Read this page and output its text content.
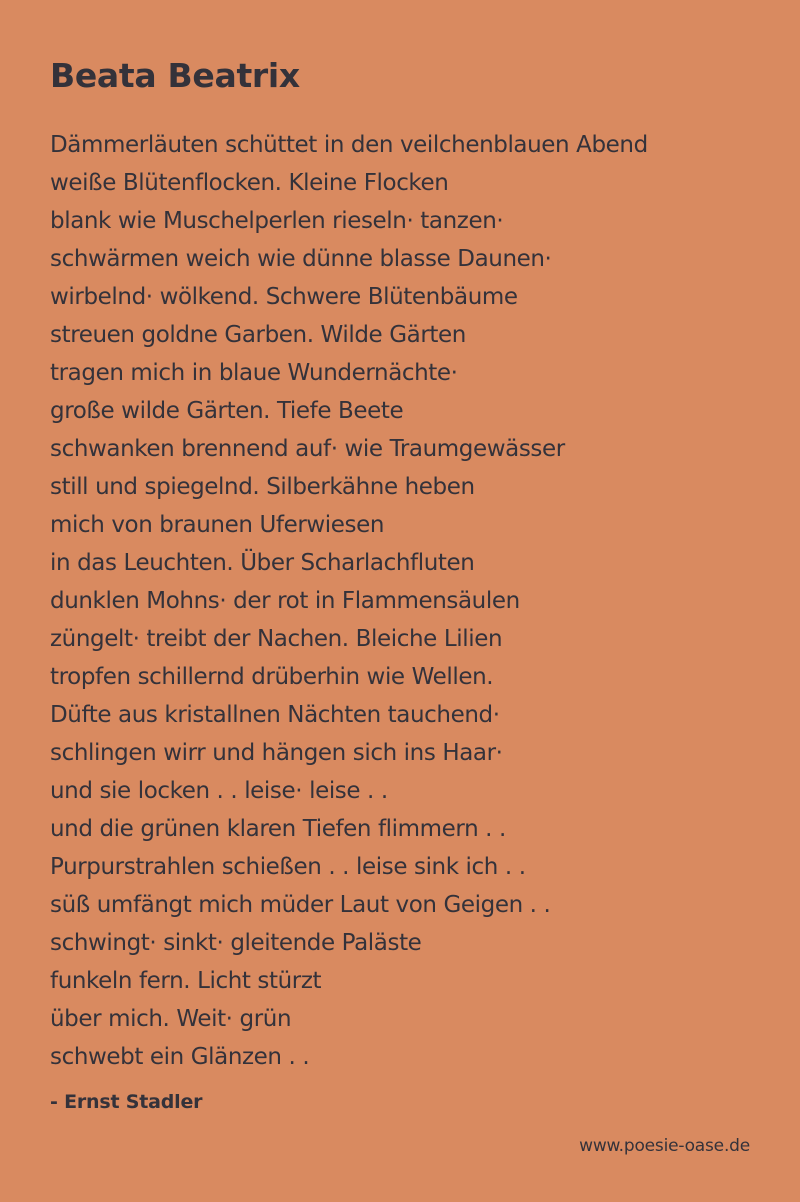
Beata Beatrix
Dämmerläuten schüttet in den veilchenblauen Abend
weiße Blütenflocken. Kleine Flocken
blank wie Muschelperlen rieseln· tanzen·
schwärmen weich wie dünne blasse Daunen·
wirbelnd· wölkend. Schwere Blütenbäume
streuen goldne Garben. Wilde Gärten
tragen mich in blaue Wundernächte·
große wilde Gärten. Tiefe Beete
schwanken brennend auf· wie Traumgewässer
still und spiegelnd. Silberkähne heben
mich von braunen Uferwiesen
in das Leuchten. Über Scharlachfluten
dunklen Mohns· der rot in Flammensäulen
züngelt· treibt der Nachen. Bleiche Lilien
tropfen schillernd drüberhin wie Wellen.
Düfte aus kristallnen Nächten tauchend·
schlingen wirr und hängen sich ins Haar·
und sie locken . . leise· leise . .
und die grünen klaren Tiefen flimmern . .
Purpurstrahlen schießen . . leise sink ich . .
süß umfängt mich müder Laut von Geigen . .
schwingt· sinkt· gleitende Paläste
funkeln fern. Licht stürzt
über mich. Weit· grün
schwebt ein Glänzen . .
- Ernst Stadler
www.poesie-oase.de
